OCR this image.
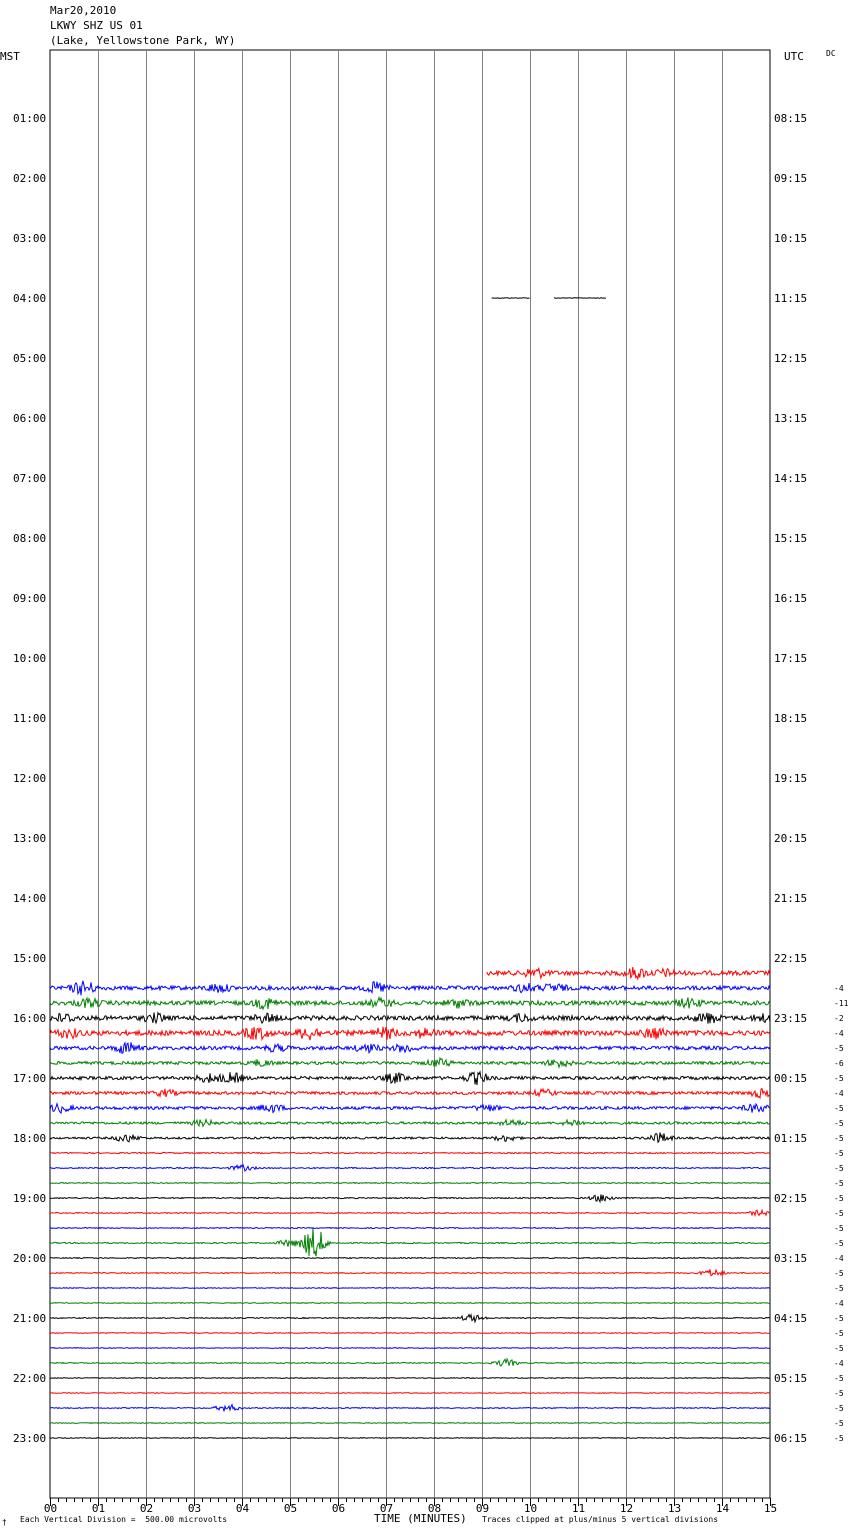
Mar20,2010
LKWY SHZ US 01
(Lake, Yellowstone Park, WY)
MST	UTC	DC
00	01	02	03	04	05	06	07	08	09	10	11	12	13	14	15
01:00
02:00
03:00
04:00
05:00
06:00
07:00
08:00
09:00
10:00
11:00
12:00
13:00
14:00
15:00
16:00
17:00
18:00
19:00
20:00
21:00
22:00
23:00
08:15
09:15
10:15
11:15
12:15
13:15
14:15
15:15
16:15
17:15
18:15
19:15
20:15
21:15
22:15
23:15
00:15
01:15
02:15
03:15
04:15
05:15
06:15
-4
-11
-2
-4
-5
-6
-5
-4
-5
-5
-5
-5
-5
-5
-5
-5
-5
-5
-4
-5
-5
-4
-5
-5
-5
-4
-5
-5
-5
-5
-5
† Each Vertical Division =  500.00 microvolts	TIME (MINUTES) Traces clipped at plus/minus 5 vertical divisions
